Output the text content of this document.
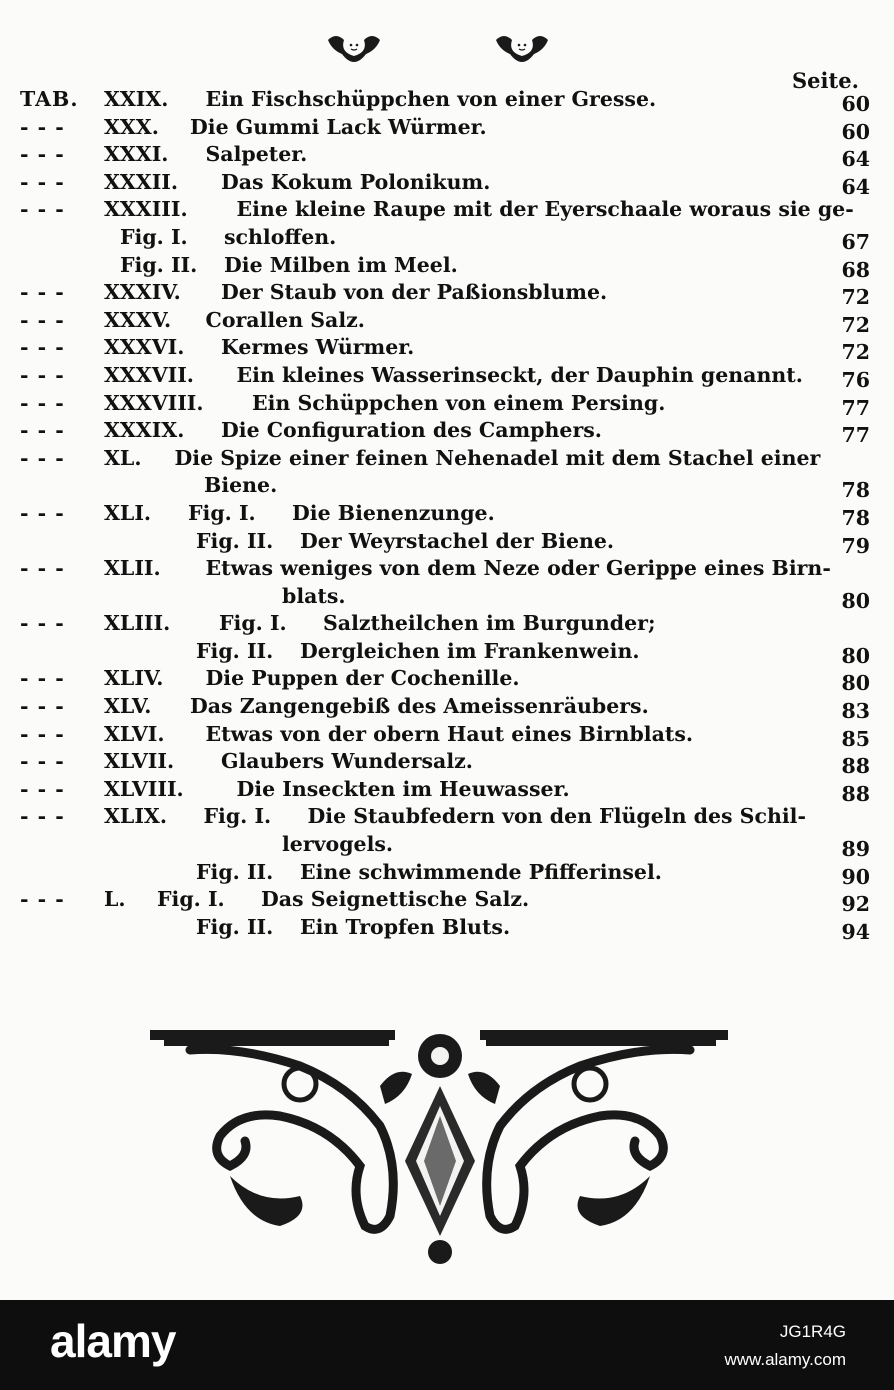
Seite.
TAB. XXIX. Ein Fischschüppchen von einer Gresse.	60
- - - XXX. Die Gummi Lack Würmer.	60
- - - XXXI. Salpeter.	64
- - - XXXII. Das Kokum Polonikum.	64
- - - XXXIII. Eine kleine Raupe mit der Eyerschaale woraus sie ge-
Fig. I. schloffen.	67
Fig. II. Die Milben im Meel.	68
- - - XXXIV. Der Staub von der Paßionsblume.	72
- - - XXXV. Corallen Salz.	72
- - - XXXVI. Kermes Würmer.	72
- - - XXXVII. Ein kleines Wasserinseckt, der Dauphin genannt.	76
- - - XXXVIII. Ein Schüppchen von einem Persing.	77
- - - XXXIX. Die Configuration des Camphers.	77
- - - XL. Die Spize einer feinen Nehenadel mit dem Stachel einer
Biene.	78
- - - XLI. Fig. I. Die Bienenzunge.	78
Fig. II. Der Weyrstachel der Biene.	79
- - - XLII. Etwas weniges von dem Neze oder Gerippe eines Birn-
blats.	80
- - - XLIII. Fig. I. Salztheilchen im Burgunder;
Fig. II. Dergleichen im Frankenwein.	80
- - - XLIV. Die Puppen der Cochenille.	80
- - - XLV. Das Zangengebiß des Ameissenräubers.	83
- - - XLVI. Etwas von der obern Haut eines Birnblats.	85
- - - XLVII. Glaubers Wundersalz.	88
- - - XLVIII.	Die Inseckten im Heuwasser.	88
- - - XLIX. Fig. I. Die Staubfedern von den Flügeln des Schil-
lervogels.	89
Fig. II. Eine schwimmende Pfifferinsel.	90
- - - L. Fig. I. Das Seignettische Salz.	92
Fig. II. Ein Tropfen Bluts.	94
alamy	JG1R4G
www.alamy.com
